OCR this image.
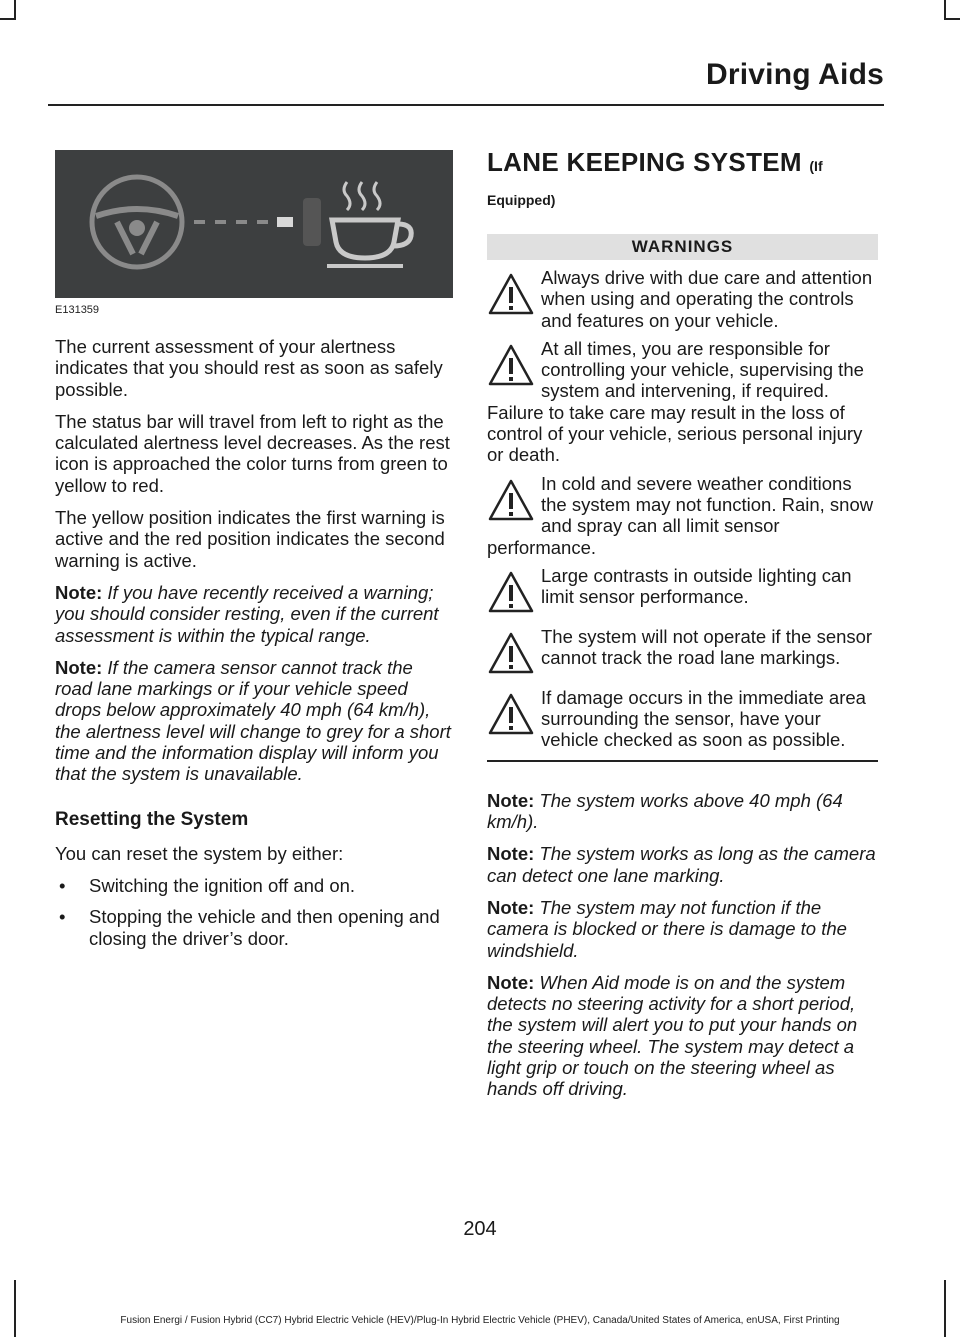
Driving Aids
E131359

The current assessment of your alertness indicates that you should rest as soon as safely possible.

The status bar will travel from left to right as the calculated alertness level decreases. As the rest icon is approached the color turns from green to yellow to red.

The yellow position indicates the first warning is active and the red position indicates the second warning is active.

Note: If you have recently received a warning; you should consider resting, even if the current assessment is within the typical range.

Note: If the camera sensor cannot track the road lane markings or if your vehicle speed drops below approximately 40 mph (64 km/h), the alertness level will change to grey for a short time and the information display will inform you that the system is unavailable.

Resetting the System

You can reset the system by either:

• Switching the ignition off and on.
• Stopping the vehicle and then opening and closing the driver’s door.
LANE KEEPING SYSTEM (If
Equipped)
WARNINGS
Always drive with due care and attention when using and operating the controls and features on your vehicle.
At all times, you are responsible for controlling your vehicle, supervising the system and intervening, if required. Failure to take care may result in the loss of control of your vehicle, serious personal injury or death.
In cold and severe weather conditions the system may not function. Rain, snow and spray can all limit sensor performance.
Large contrasts in outside lighting can limit sensor performance.
The system will not operate if the sensor cannot track the road lane markings.
If damage occurs in the immediate area surrounding the sensor, have your vehicle checked as soon as possible.

Note: The system works above 40 mph (64 km/h).

Note: The system works as long as the camera can detect one lane marking.

Note: The system may not function if the camera is blocked or there is damage to the windshield.

Note: When Aid mode is on and the system detects no steering activity for a short period, the system will alert you to put your hands on the steering wheel. The system may detect a light grip or touch on the steering wheel as hands off driving.

204
Fusion Energi / Fusion Hybrid (CC7) Hybrid Electric Vehicle (HEV)/Plug-In Hybrid Electric Vehicle (PHEV), Canada/United States of America, enUSA, First Printing
